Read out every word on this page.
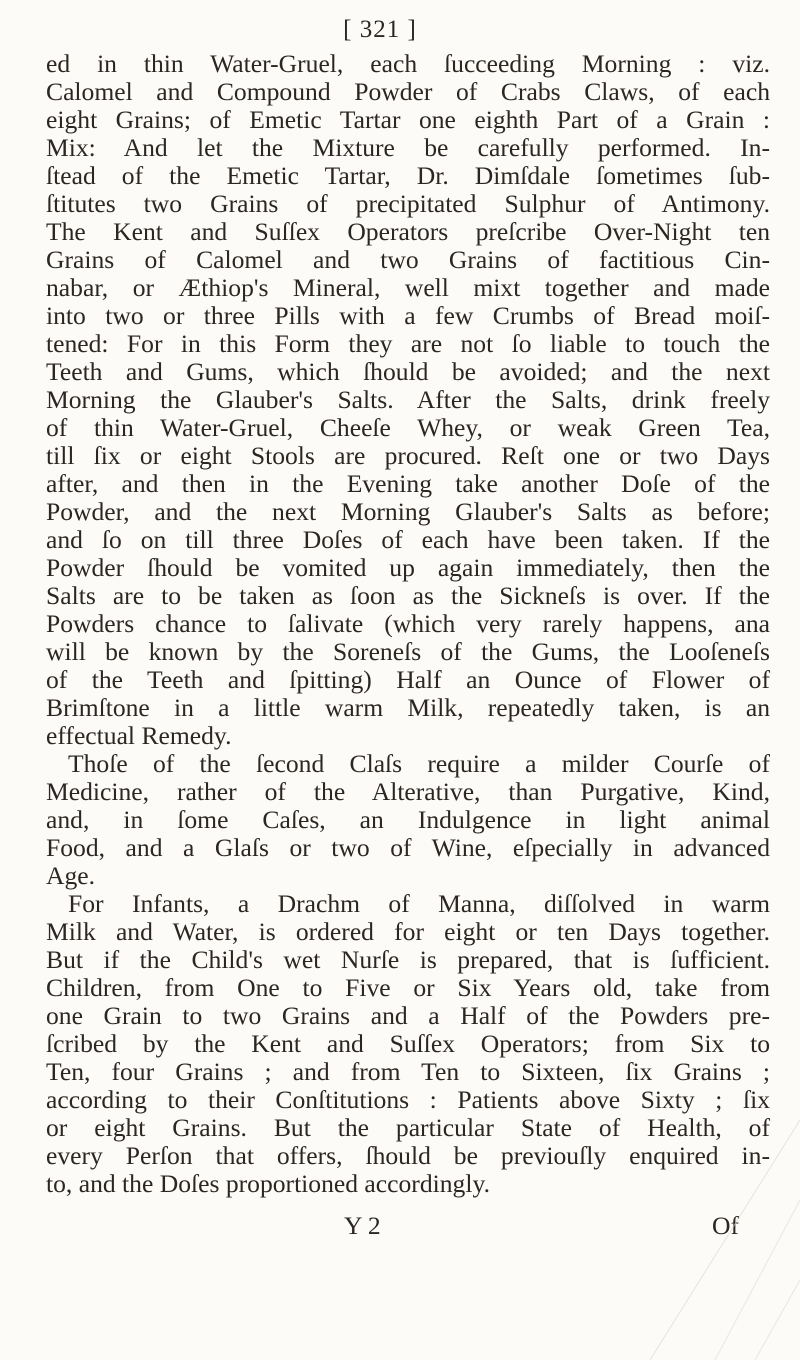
[ 321 ]
ed in thin Water-Gruel, each ſucceeding Morning : viz.
Calomel and Compound Powder of Crabs Claws, of each
eight Grains; of Emetic Tartar one eighth Part of a Grain :
Mix: And let the Mixture be carefully performed. In-
ſtead of the Emetic Tartar, Dr. Dimſdale ſometimes ſub-
ſtitutes two Grains of precipitated Sulphur of Antimony.
The Kent and Suſſex Operators preſcribe Over-Night ten
Grains of Calomel and two Grains of factitious Cin-
nabar, or Æthiop's Mineral, well mixt together and made
into two or three Pills with a few Crumbs of Bread moiſ-
tened: For in this Form they are not ſo liable to touch the
Teeth and Gums, which ſhould be avoided; and the next
Morning the Glauber's Salts. After the Salts, drink freely
of thin Water-Gruel, Cheeſe Whey, or weak Green Tea,
till ſix or eight Stools are procured. Reſt one or two Days
after, and then in the Evening take another Doſe of the
Powder, and the next Morning Glauber's Salts as before;
and ſo on till three Doſes of each have been taken. If the
Powder ſhould be vomited up again immediately, then the
Salts are to be taken as ſoon as the Sickneſs is over. If the
Powders chance to ſalivate (which very rarely happens, ana
will be known by the Soreneſs of the Gums, the Looſeneſs
of the Teeth and ſpitting) Half an Ounce of Flower of
Brimſtone in a little warm Milk, repeatedly taken, is an
effectual Remedy.
Thoſe of the ſecond Claſs require a milder Courſe of
Medicine, rather of the Alterative, than Purgative, Kind,
and, in ſome Caſes, an Indulgence in light animal
Food, and a Glaſs or two of Wine, eſpecially in advanced
Age.
For Infants, a Drachm of Manna, diſſolved in warm
Milk and Water, is ordered for eight or ten Days together.
But if the Child's wet Nurſe is prepared, that is ſufficient.
Children, from One to Five or Six Years old, take from
one Grain to two Grains and a Half of the Powders pre-
ſcribed by the Kent and Suſſex Operators; from Six to
Ten, four Grains ; and from Ten to Sixteen, ſix Grains ;
according to their Conſtitutions : Patients above Sixty ; ſix
or eight Grains. But the particular State of Health, of
every Perſon that offers, ſhould be previouſly enquired in-
to, and the Doſes proportioned accordingly.
Y 2	Of
